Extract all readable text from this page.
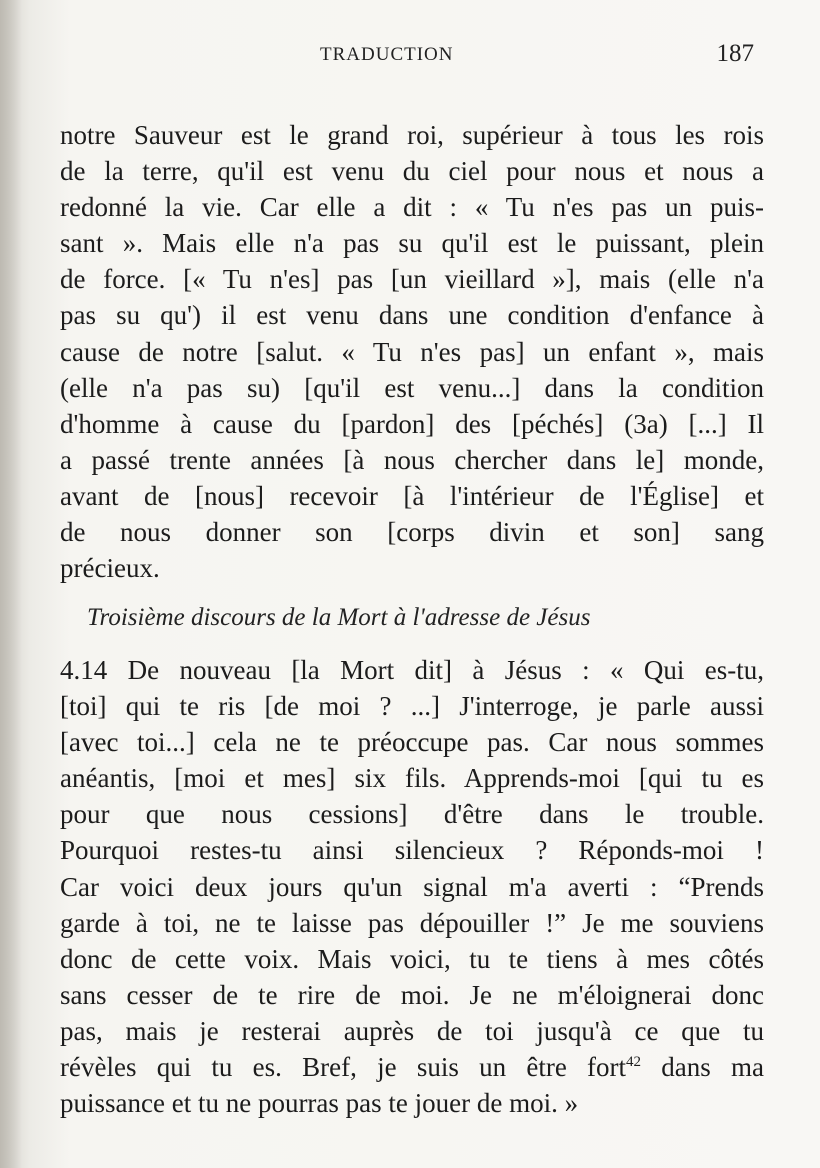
TRADUCTION	187
notre Sauveur est le grand roi, supérieur à tous les rois
de la terre, qu'il est venu du ciel pour nous et nous a
redonné la vie. Car elle a dit : « Tu n'es pas un puis-
sant ». Mais elle n'a pas su qu'il est le puissant, plein
de force. [« Tu n'es] pas [un vieillard »], mais (elle n'a
pas su qu') il est venu dans une condition d'enfance à
cause de notre [salut. « Tu n'es pas] un enfant », mais
(elle n'a pas su) [qu'il est venu...] dans la condition
d'homme à cause du [pardon] des [péchés] (3a) [...] Il
a passé trente années [à nous chercher dans le] monde,
avant de [nous] recevoir [à l'intérieur de l'Église] et
de nous donner son [corps divin et son] sang
précieux.
Troisième discours de la Mort à l'adresse de Jésus
4.14 De nouveau [la Mort dit] à Jésus : « Qui es-tu,
[toi] qui te ris [de moi ? ...] J'interroge, je parle aussi
[avec toi...] cela ne te préoccupe pas. Car nous sommes
anéantis, [moi et mes] six fils. Apprends-moi [qui tu es
pour que nous cessions] d'être dans le trouble.
Pourquoi restes-tu ainsi silencieux ? Réponds-moi !
Car voici deux jours qu'un signal m'a averti : “Prends
garde à toi, ne te laisse pas dépouiller !” Je me souviens
donc de cette voix. Mais voici, tu te tiens à mes côtés
sans cesser de te rire de moi. Je ne m'éloignerai donc
pas, mais je resterai auprès de toi jusqu'à ce que tu
révèles qui tu es. Bref, je suis un être fort$^{42}$ dans ma
puissance et tu ne pourras pas te jouer de moi. »
